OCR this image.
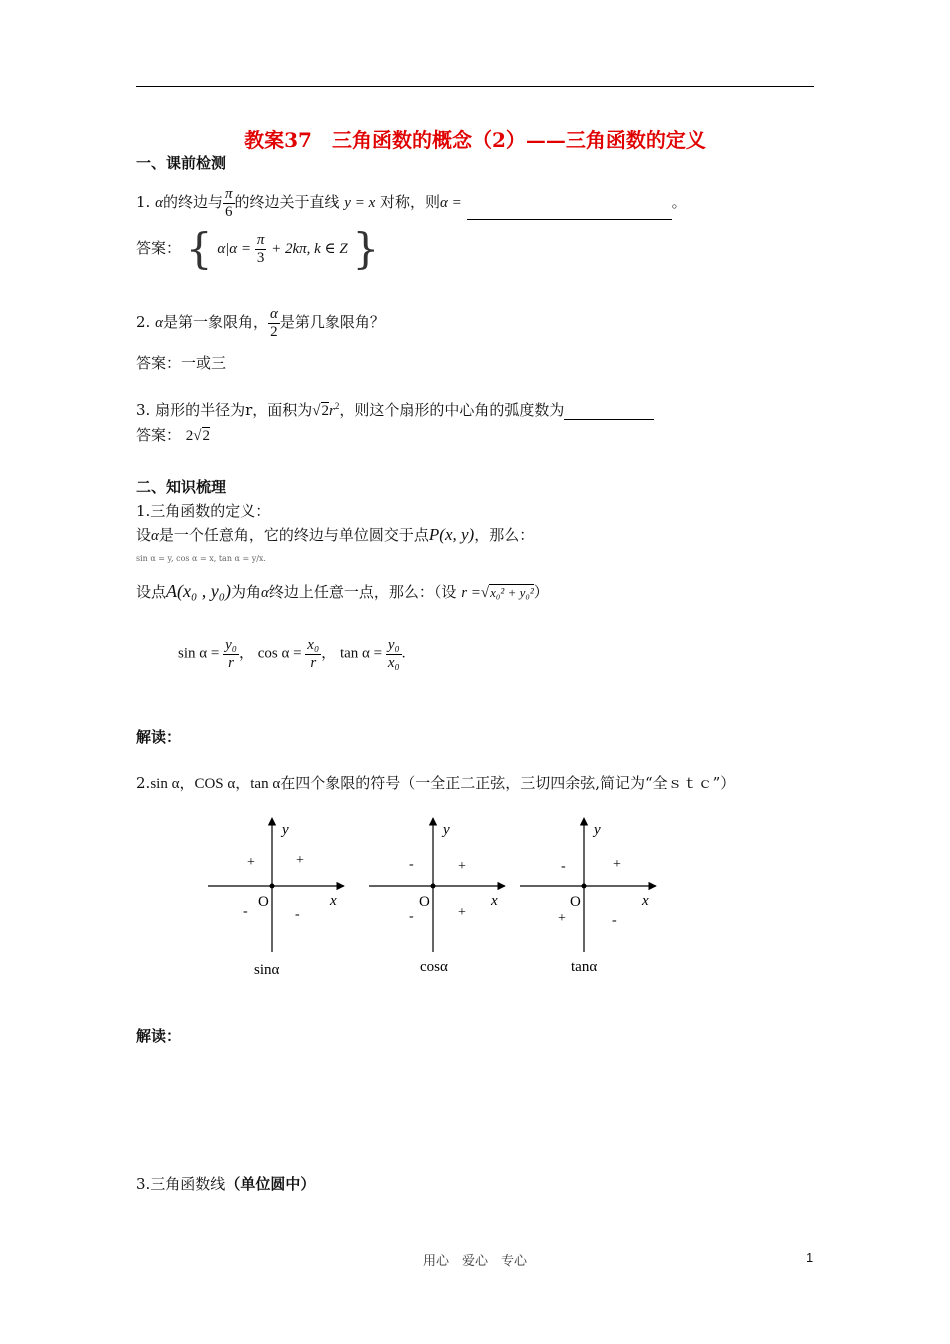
教案37　三角函数的概念（2）——三角函数的定义
一、课前检测
1. α的终边与 $\frac{\pi}{6}$ 的终边关于直线 y = x 对称，则α =	。
答案： { $\alpha|\alpha = \frac{\pi}{3} + 2k\pi$, k ∈ Z }
2. α是第一象限角， $\frac{\alpha}{2}$ 是第几象限角？
答案：一或三
3. 扇形的半径为r，面积为$√2r^2$，则这个扇形的中心角的弧度数为
答案： 2√2
二、知识梳理
1.三角函数的定义：
设α是一个任意角，它的终边与单位圆交于点P(x, y)，那么：
sin α = y, cos α = x, tan α = y/x.
设点A(x₀ , y₀)为角α终边上任意一点，那么：（设 r =√x₀² + y₀²）
$\sin \alpha = \frac{\text{y₀}}{r}$ ， $\cos \alpha = \frac{\text{x₀}}{r}$ ， $\tan \alpha = \frac{\text{y₀}}{\text{x₀}}$ .
解读：
2.sin α，COS α，tan α在四个象限的符号（一全正二正弦，三切四余弦,简记为“全ｓｔｃ”）
y
x
O
+
+
-	-
sinα
y
x
O
+
-
-	+
cosα
y
x
O
+
-
+	-
tanα
解读：
3.三角函数线（单位圆中）
用心　爱心　专心	1
